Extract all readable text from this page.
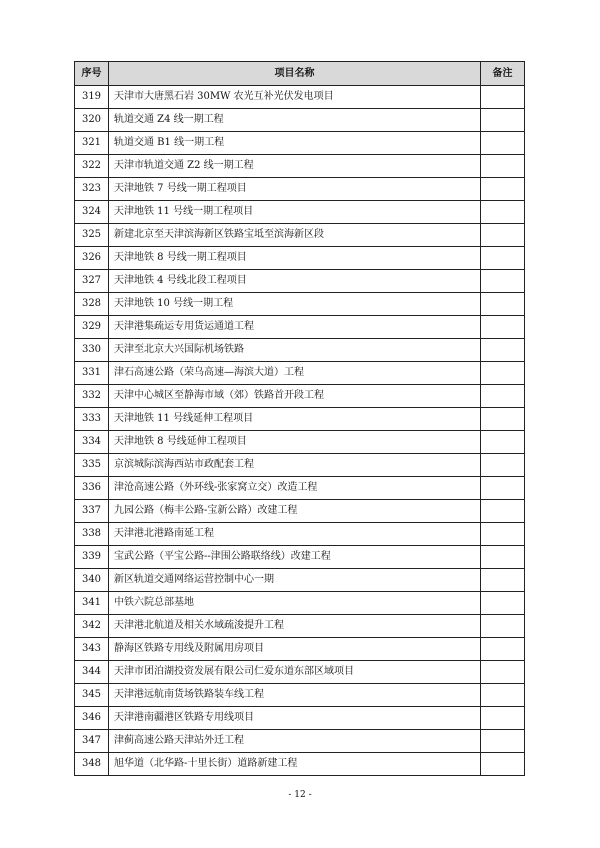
序号	项目名称	备注
319	天津市大唐黑石岩 30MW 农光互补光伏发电项目	
320	轨道交通 Z4 线一期工程	
321	轨道交通 B1 线一期工程	
322	天津市轨道交通 Z2 线一期工程	
323	天津地铁 7 号线一期工程项目	
324	天津地铁 11 号线一期工程项目	
325	新建北京至天津滨海新区铁路宝坻至滨海新区段	
326	天津地铁 8 号线一期工程项目	
327	天津地铁 4 号线北段工程项目	
328	天津地铁 10 号线一期工程	
329	天津港集疏运专用货运通道工程	
330	天津至北京大兴国际机场铁路	
331	津石高速公路（荣乌高速—海滨大道）工程	
332	天津中心城区至静海市域（郊）铁路首开段工程	
333	天津地铁 11 号线延伸工程项目	
334	天津地铁 8 号线延伸工程项目	
335	京滨城际滨海西站市政配套工程	
336	津沧高速公路（外环线-张家窝立交）改造工程	
337	九园公路（梅丰公路-宝新公路）改建工程	
338	天津港北港路南延工程	
339	宝武公路（平宝公路--津围公路联络线）改建工程	
340	新区轨道交通网络运营控制中心一期	
341	中铁六院总部基地	
342	天津港北航道及相关水域疏浚提升工程	
343	静海区铁路专用线及附属用房项目	
344	天津市团泊湖投资发展有限公司仁爱东道东部区域项目	
345	天津港远航南货场铁路装车线工程	
346	天津港南疆港区铁路专用线项目	
347	津蓟高速公路天津站外迁工程	
348	旭华道（北华路-十里长街）道路新建工程	
- 12 -
